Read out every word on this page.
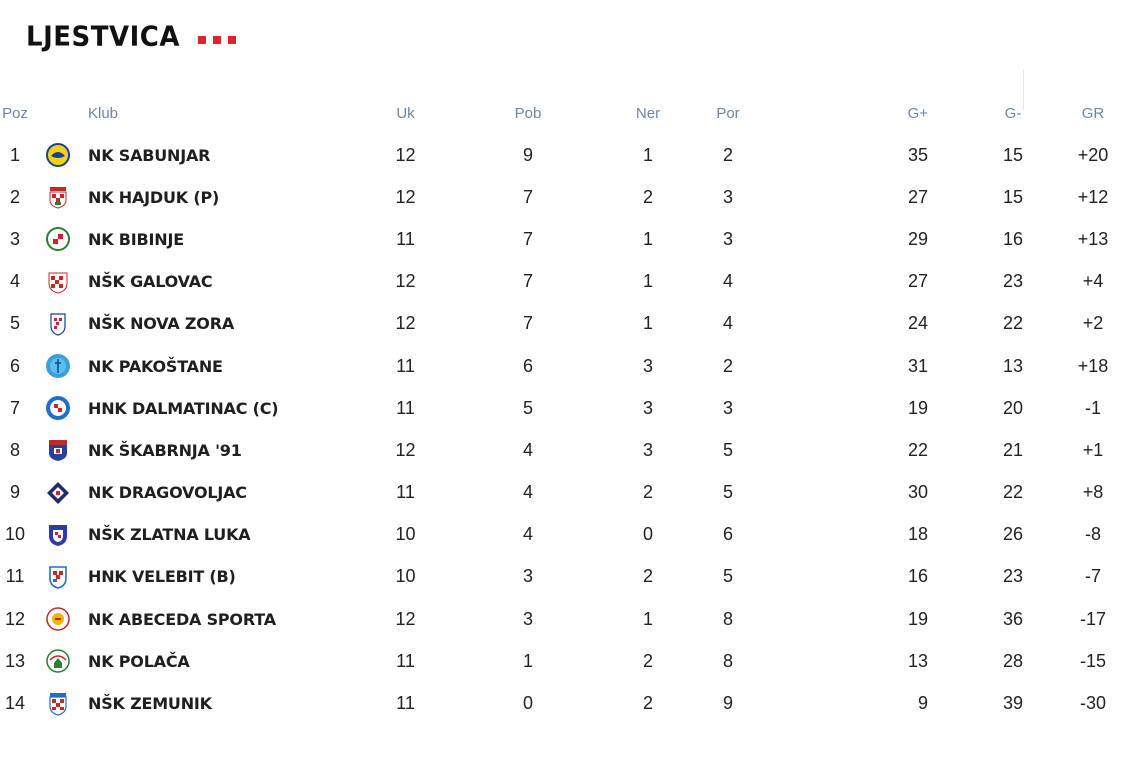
LJESTVICA
Poz		Klub	Uk	Pob	Ner	Por	G+	G-	GR
1		NK SABUNJAR	12	9	1	2	35	15	+20
2		NK HAJDUK (P)	12	7	2	3	27	15	+12
3		NK BIBINJE	11	7	1	3	29	16	+13
4		NŠK GALOVAC	12	7	1	4	27	23	+4
5		NŠK NOVA ZORA	12	7	1	4	24	22	+2
6		NK PAKOŠTANE	11	6	3	2	31	13	+18
7		HNK DALMATINAC (C)	11	5	3	3	19	20	-1
8		NK ŠKABRNJA '91	12	4	3	5	22	21	+1
9		NK DRAGOVOLJAC	11	4	2	5	30	22	+8
10		NŠK ZLATNA LUKA	10	4	0	6	18	26	-8
11		HNK VELEBIT (B)	10	3	2	5	16	23	-7
12		NK ABECEDA SPORTA	12	3	1	8	19	36	-17
13		NK POLAČA	11	1	2	8	13	28	-15
14		NŠK ZEMUNIK	11	0	2	9	9	39	-30
